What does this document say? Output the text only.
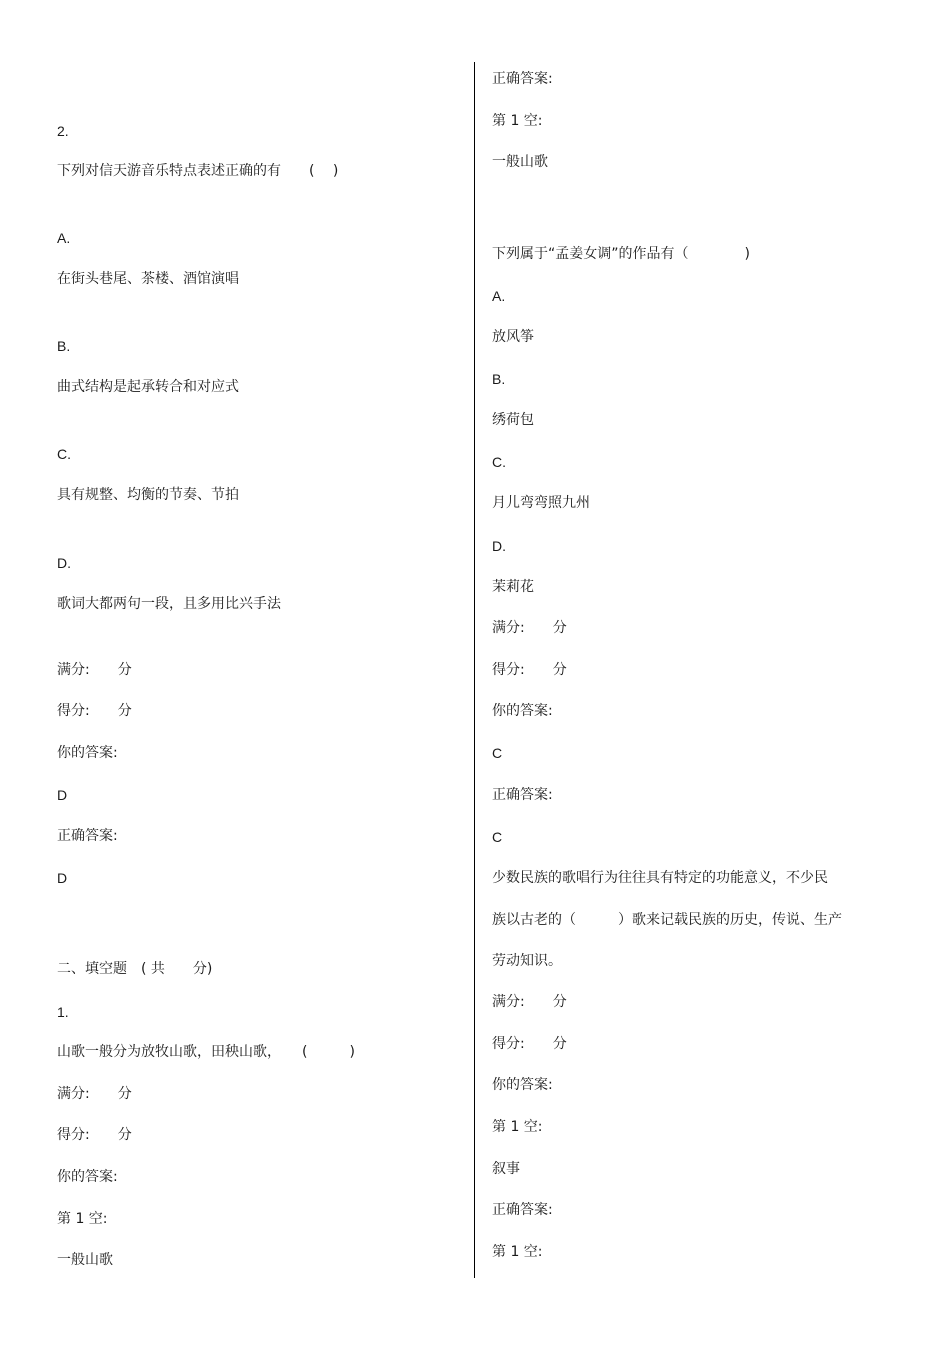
2.
下列对信天游音乐特点表述正确的有　　( 　)
A.
在街头巷尾、茶楼、酒馆演唱
B.
曲式结构是起承转合和对应式
C.
具有规整、均衡的节奏、节拍
D.
歌词大都两句一段，且多用比兴手法
满分:　　分
得分:　　分
你的答案:
D
正确答案:
D
二、填空题　( 共　　分)
1.
山歌一般分为放牧山歌，田秧山歌，　　(　　　)
满分:　　分
得分:　　分
你的答案:
第 1 空:
一般山歌
正确答案:
第 1 空:
一般山歌
下列属于“孟姜女调”的作品有（　　　　)
A.
放风筝
B.
绣荷包
C.
月儿弯弯照九州
D.
茉莉花
满分:　　分
得分:　　分
你的答案:
C
正确答案:
C
少数民族的歌唱行为往往具有特定的功能意义，不少民
族以古老的（　　　）歌来记载民族的历史，传说、生产
劳动知识。
满分:　　分
得分:　　分
你的答案:
第 1 空:
叙事
正确答案:
第 1 空:
